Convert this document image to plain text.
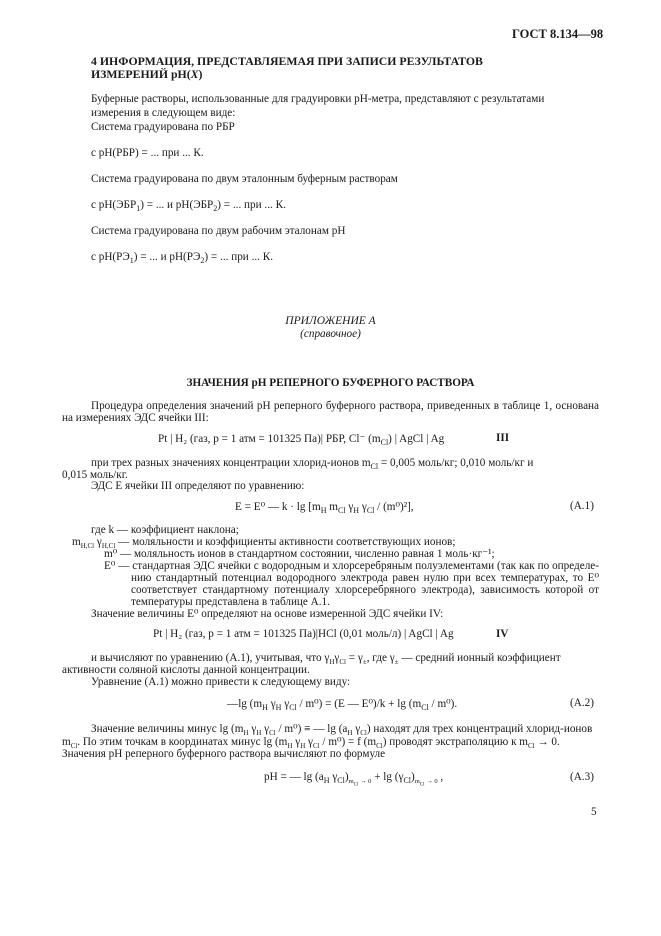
ГОСТ 8.134—98
4 ИНФОРМАЦИЯ, ПРЕДСТАВЛЯЕМАЯ ПРИ ЗАПИСИ РЕЗУЛЬТАТОВ
ИЗМЕРЕНИЙ pH(X)
Буферные растворы, использованные для градуировки pH-метра, представляют с результатами
измерения в следующем виде:
Система градуирована по РБР
с pH(РБР) = ... при ... К.
Система градуирована по двум эталонным буферным растворам
с $pH(ЭБР_1)$ = ... и $pH(ЭБР_2)$ = ... при ... К.
Система градуирована по двум рабочим эталонам pH
с $pH(РЭ_1)$ = ... и $pH(РЭ_2)$ = ... при ... К.
ПРИЛОЖЕНИЕ А
(справочное)
ЗНАЧЕНИЯ pH РЕПЕРНОГО БУФЕРНОГО РАСТВОРА
Процедура определения значений pH реперного буферного раствора, приведенных в таблице 1, основана
на измерениях ЭДС ячейки III:
Pt | H₂ (газ, p = 1 атм = 101325 Па)| РБР, Cl⁻ $(m_{Cl})$ | AgCl | Ag	III
при трех разных значениях концентрации хлорид-ионов $m_{Cl} = 0,005$ моль/кг; 0,010 моль/кг и
0,015 моль/кг.
ЭДС E ячейки III определяют по уравнению:
E = E⁰ — $k \cdot \lg [m_H$ $m_{Cl}$ $\gamma_H$ $\gamma_{Cl} / (m^0)^2$],	(А.1)
где k — коэффициент наклона;
$m_{H,Cl}$ $\gamma_{H,Cl}$ — моляльности и коэффициенты активности соответствующих ионов;
m⁰ — моляльность ионов в стандартном состоянии, численно равная 1 моль·кг⁻¹;
E⁰ — стандартная ЭДС ячейки с водородным и хлорсеребряным полуэлементами (так как по определе-
нию стандартный потенциал водородного электрода равен нулю при всех температурах, то E⁰
соответствует стандартному потенциалу хлорсеребряного электрода), зависимость которой от
температуры представлена в таблице А.1.
Значение величины E⁰ определяют на основе измеренной ЭДС ячейки IV:
Pt | H₂ (газ, p = 1 атм = 101325 Па)|HCl (0,01 моль/л) | AgCl | Ag	IV
и вычисляют по уравнению (А.1), учитывая, что $\gamma_H\gamma_{Cl} = \gamma_\pm$, где $\gamma_\pm$ — средний ионный коэффициент
активности соляной кислоты данной концентрации.
Уравнение (А.1) можно привести к следующему виду:
—lg ($m_H$ $\gamma_H$ $\gamma_{Cl} / m^0) = (E$ — $E^0)/k + \lg (m_{Cl} / m^0)$.	(А.2)
Значение величины минус $\lg (m_H$ $\gamma_H$ $\gamma_{Cl} / m^0$) ≡ — $\lg (a_H$ $\gamma_{Cl}$) находят для трех концентраций хлорид-ионов
$m_{Cl}$. По этим точкам в координатах минус $\lg (m_H$ $\gamma_H$ $\gamma_{Cl} / m^0) = f$ $(m_{Cl})$ проводят экстраполяцию к $m_{Cl} \to 0$.
Значения pH реперного буферного раствора вычисляют по формуле
pH = — $\lg (a_H$ $\gamma_{Cl})_{m_{Cl} \to 0} + \lg (\gamma_{Cl})_{m_{Cl} \to 0}$ ,	(А.3)
5
